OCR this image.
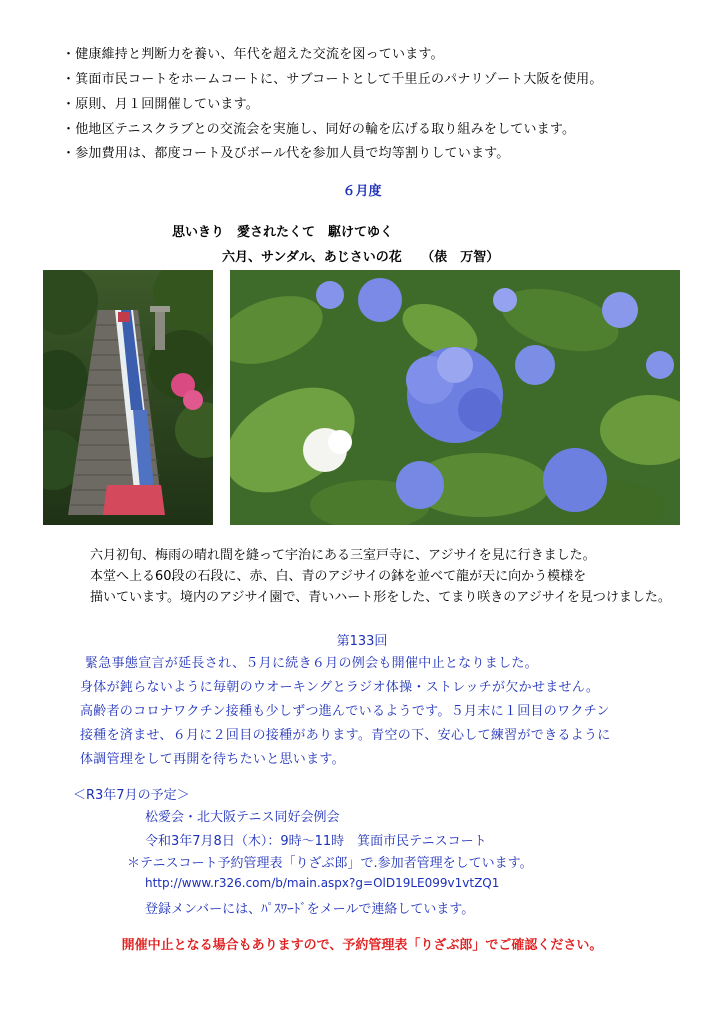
・健康維持と判断力を養い、年代を超えた交流を図っています。
・箕面市民コートをホームコートに、サブコートとして千里丘のパナリゾート大阪を使用。
・原則、月１回開催しています。
・他地区テニスクラブとの交流会を実施し、同好の輪を広げる取り組みをしています。
・参加費用は、都度コート及びボール代を参加人員で均等割りしています。
６月度
思いきり　愛されたくて　駆けてゆく
六月、サンダル、あじさいの花　　（俵　万智）
六月初旬、梅雨の晴れ間を縫って宇治にある三室戸寺に、アジサイを見に行きました。
本堂へ上る60段の石段に、赤、白、青のアジサイの鉢を並べて龍が天に向かう模様を
描いています。境内のアジサイ園で、青いハート形をした、てまり咲きのアジサイを見つけました。
第133回
緊急事態宣言が延長され、５月に続き６月の例会も開催中止となりました。
身体が鈍らないように毎朝のウオーキングとラジオ体操・ストレッチが欠かせません。
高齢者のコロナワクチン接種も少しずつ進んでいるようです。５月末に１回目のワクチン
接種を済ませ、６月に２回目の接種があります。青空の下、安心して練習ができるように
体調管理をして再開を待ちたいと思います。
＜R3年7月の予定＞
松愛会・北大阪テニス同好会例会
令和3年7月8日（木）：9時～11時　箕面市民テニスコート
＊テニスコート予約管理表「りざぶ郎」で.参加者管理をしています。
http://www.r326.com/b/main.aspx?g=OlD19LE099v1vtZQ1
登録メンバーには、ﾊﾟｽﾜｰﾄﾞをメールで連絡しています。
開催中止となる場合もありますので、予約管理表「りざぶ郎」でご確認ください。
